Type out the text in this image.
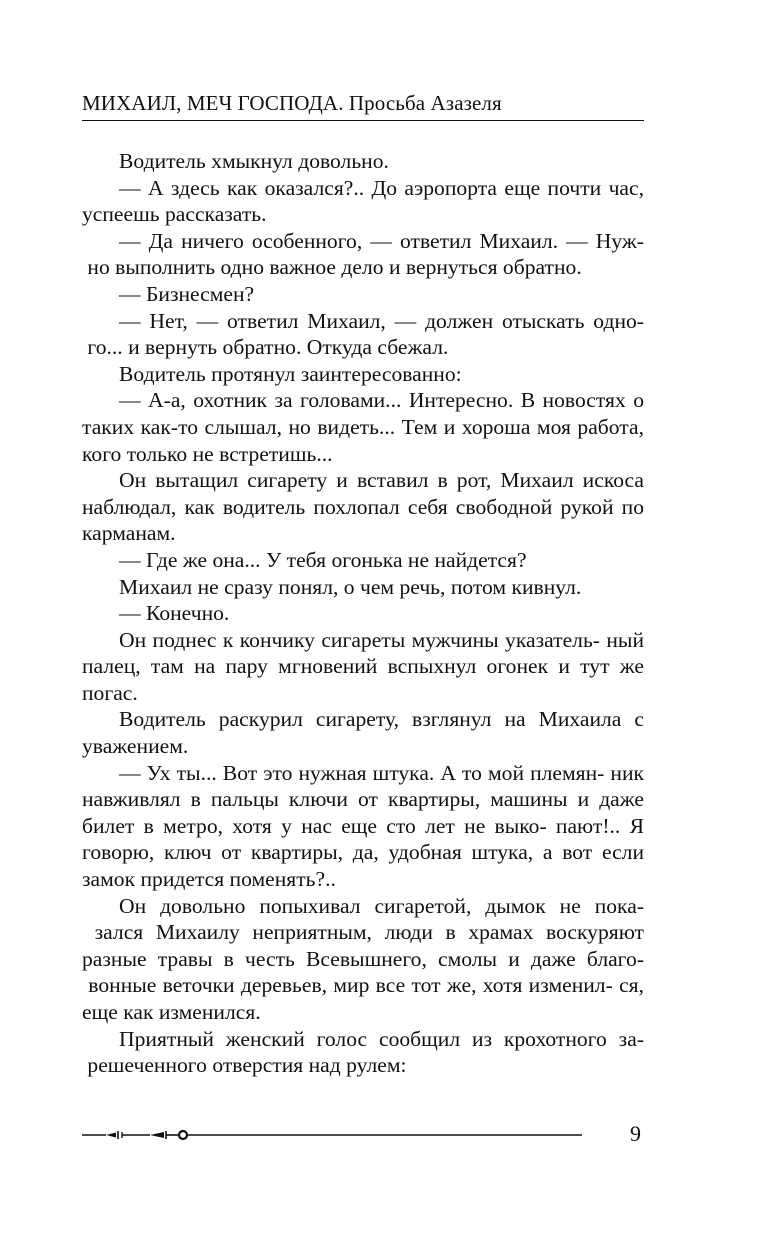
МИХАИЛ, МЕЧ ГОСПОДА. Просьба Азазеля

Водитель хмыкнул довольно.

— А здесь как оказался?.. До аэропорта еще почти час, успеешь рассказать.

— Да ничего особенного, — ответил Михаил. — Нуж- но выполнить одно важное дело и вернуться обратно.

— Бизнесмен?

— Нет, — ответил Михаил, — должен отыскать одно- го... и вернуть обратно. Откуда сбежал.

Водитель протянул заинтересованно:

— А-а, охотник за головами... Интересно. В новостях о таких как-то слышал, но видеть... Тем и хороша моя работа, кого только не встретишь...

Он вытащил сигарету и вставил в рот, Михаил искоса наблюдал, как водитель похлопал себя свободной рукой по карманам.

— Где же она... У тебя огонька не найдется?

Михаил не сразу понял, о чем речь, потом кивнул.

— Конечно.

Он поднес к кончику сигареты мужчины указатель- ный палец, там на пару мгновений вспыхнул огонек и тут же погас.

Водитель раскурил сигарету, взглянул на Михаила с уважением.

— Ух ты... Вот это нужная штука. А то мой племян- ник навживлял в пальцы ключи от квартиры, машины и даже билет в метро, хотя у нас еще сто лет не выко- пают!.. Я говорю, ключ от квартиры, да, удобная штука, а вот если замок придется поменять?..

Он довольно попыхивал сигаретой, дымок не пока- зался Михаилу неприятным, люди в храмах воскуряют разные травы в честь Всевышнего, смолы и даже благо- вонные веточки деревьев, мир все тот же, хотя изменил- ся, еще как изменился.

Приятный женский голос сообщил из крохотного за- решеченного отверстия над рулем:

9
